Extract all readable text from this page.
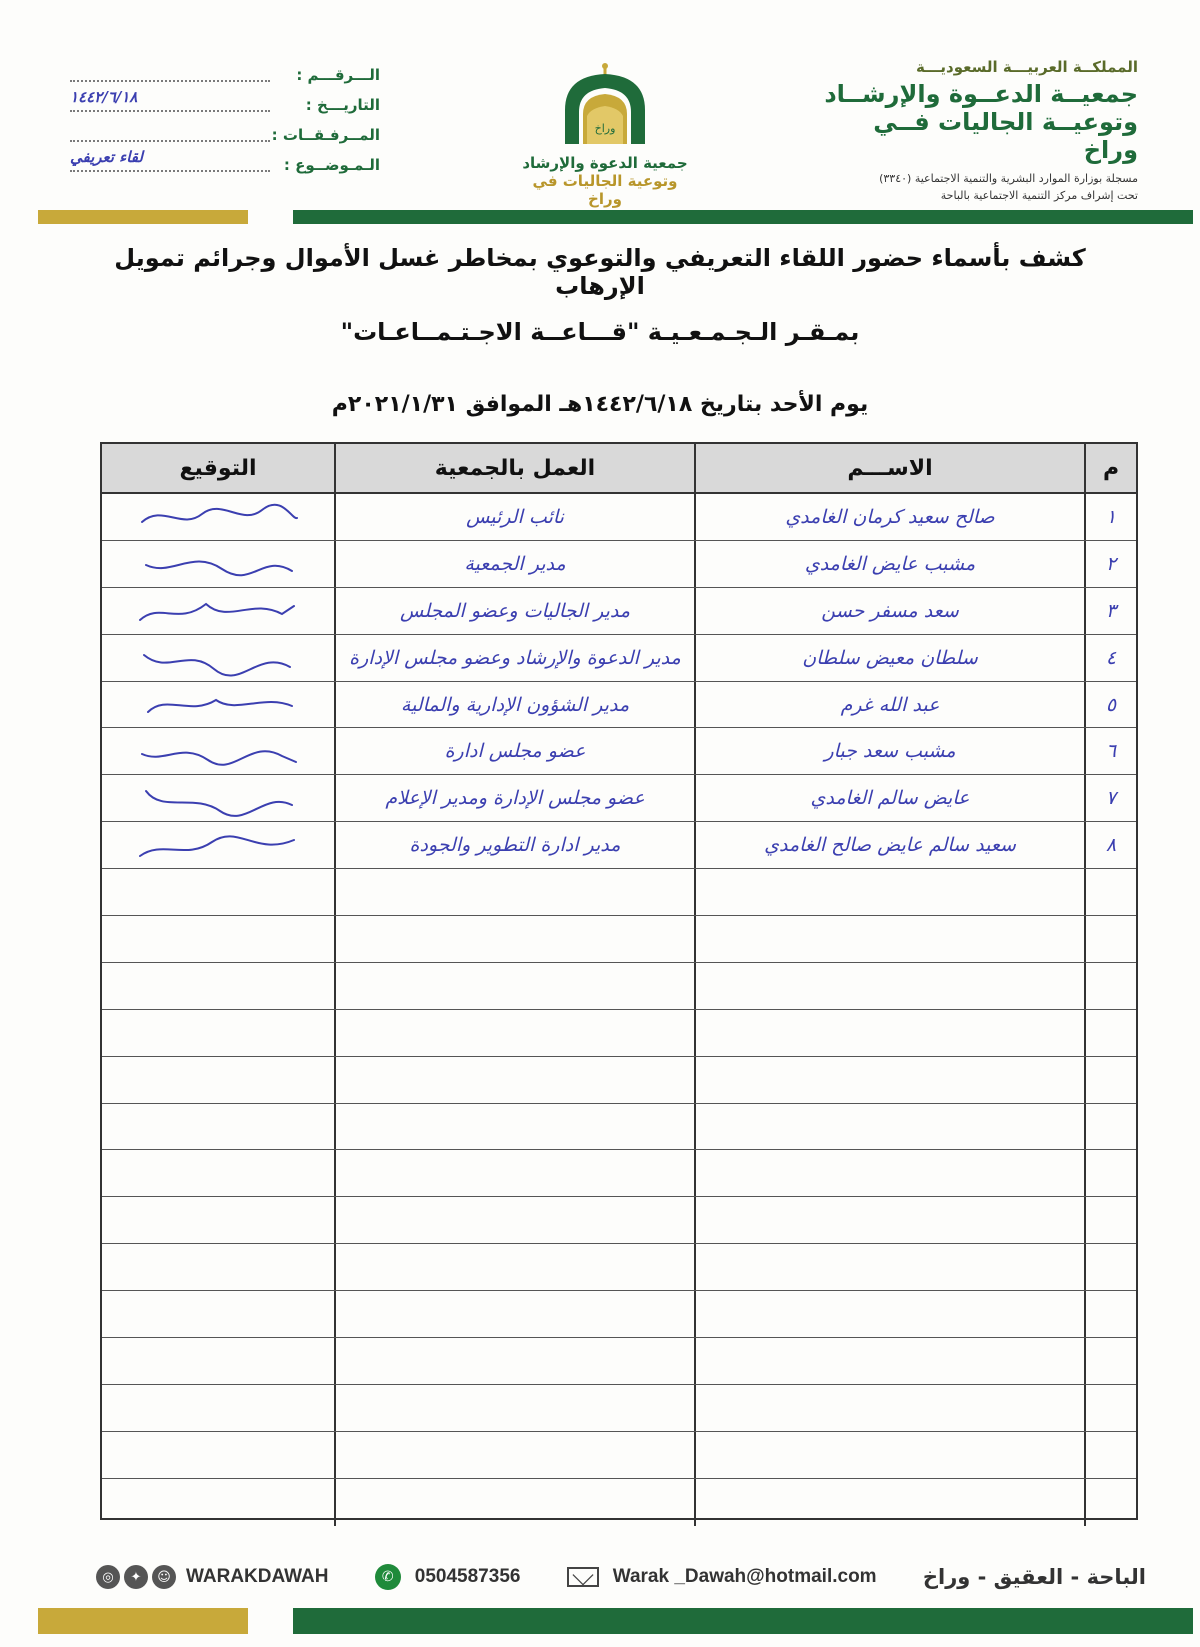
المملكــة العربيـــة السعوديـــة
جمعيــة الدعــوة والإرشــاد
وتوعيــة الجاليات فــي وراخ
مسجلة بوزارة الموارد البشرية والتنمية الاجتماعية (٣٣٤٠)
تحت إشراف مركز التنمية الاجتماعية بالباحة
وراخ
جمعية الدعوة والإرشاد
وتوعية الجاليات في وراخ
الـــرقـــم :
التاريـــخ :
١٤٤٢/٦/١٨
المــرفـقــات :
الـمـوضــوع :
لقاء تعريفي
كشف بأسماء حضور اللقاء التعريفي والتوعوي بمخاطر غسل الأموال وجرائم تمويل الإرهاب
بمـقـر الـجـمـعـيـة "قـــاعــة الاجـتـمــاعـات"
يوم الأحد بتاريخ ١٤٤٢/٦/١٨هـ الموافق ٢٠٢١/١/٣١م
م
الاســـم
العمل بالجمعية
التوقيع
١
صالح سعيد كرمان الغامدي
نائب الرئيس
٢
مشبب عايض الغامدي
مدير الجمعية
٣
سعد مسفر حسن
مدير الجاليات وعضو المجلس
٤
سلطان معيض سلطان
مدير الدعوة والإرشاد وعضو مجلس الإدارة
٥
عبد الله غرم
مدير الشؤون الإدارية والمالية
٦
مشبب سعد جبار
عضو مجلس ادارة
٧
عايض سالم الغامدي
عضو مجلس الإدارة ومدير الإعلام
٨
سعيد سالم عايض صالح الغامدي
مدير ادارة التطوير والجودة
◎	✦	☺ WARAKDAWAH	✆	0504587356	Warak _Dawah@hotmail.com الباحة - العقيق - وراخ
